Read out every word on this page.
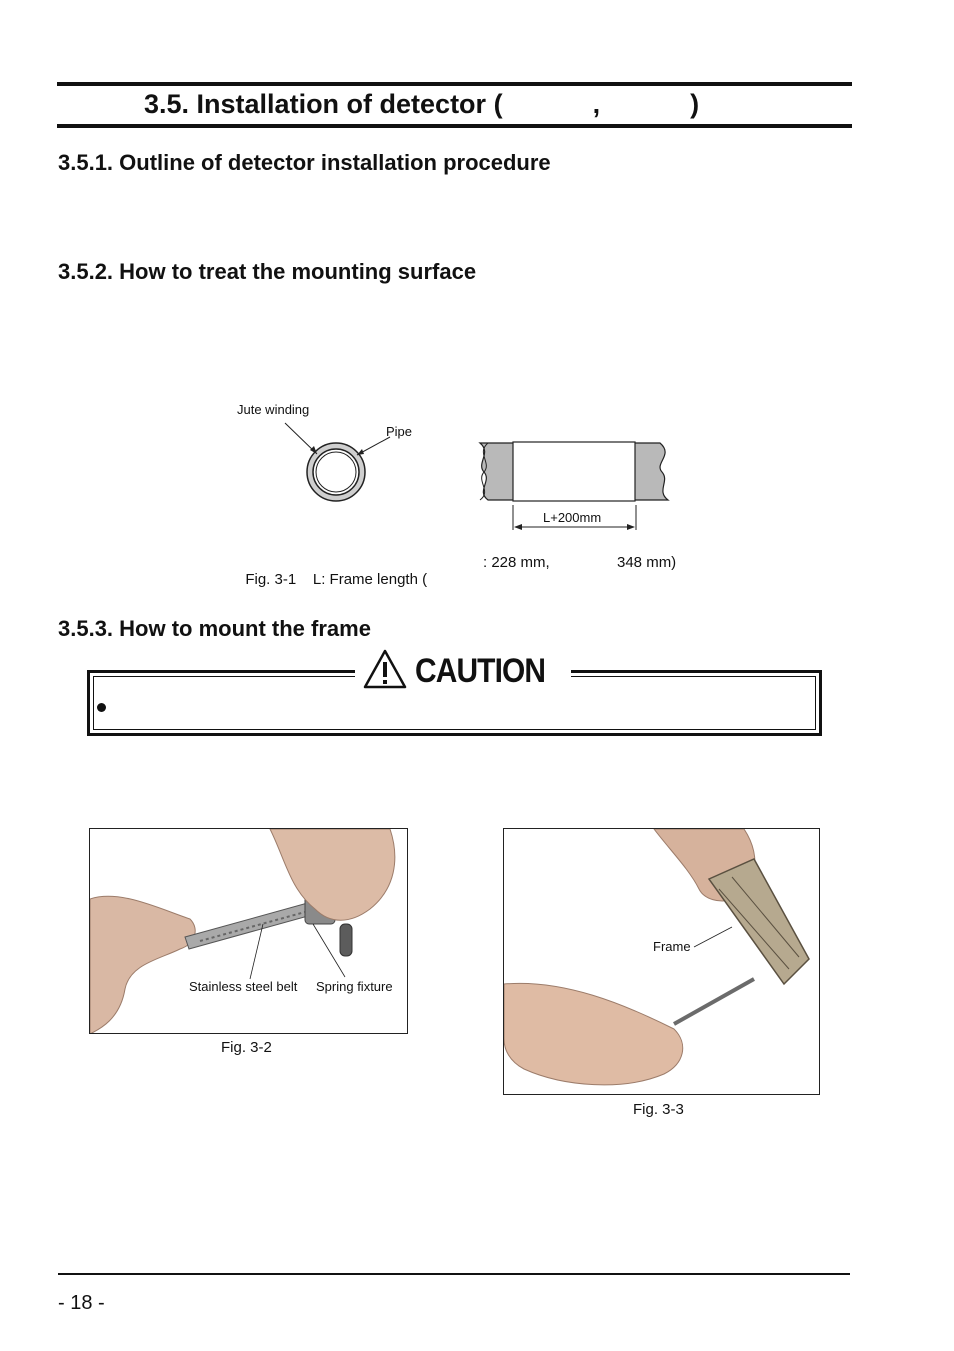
3.5. Installation of detector (            ,            )
3.5.1. Outline of detector installation procedure
3.5.2. How to treat the mounting surface
3.5.3. How to mount the frame
Jute winding
Pipe
L+200mm

Fig. 3-1    L: Frame length (

: 228 mm,	348 mm)
CAUTION
Stainless steel belt Spring fixture
Fig. 3-2
Frame
Fig. 3-3
- 18 -
